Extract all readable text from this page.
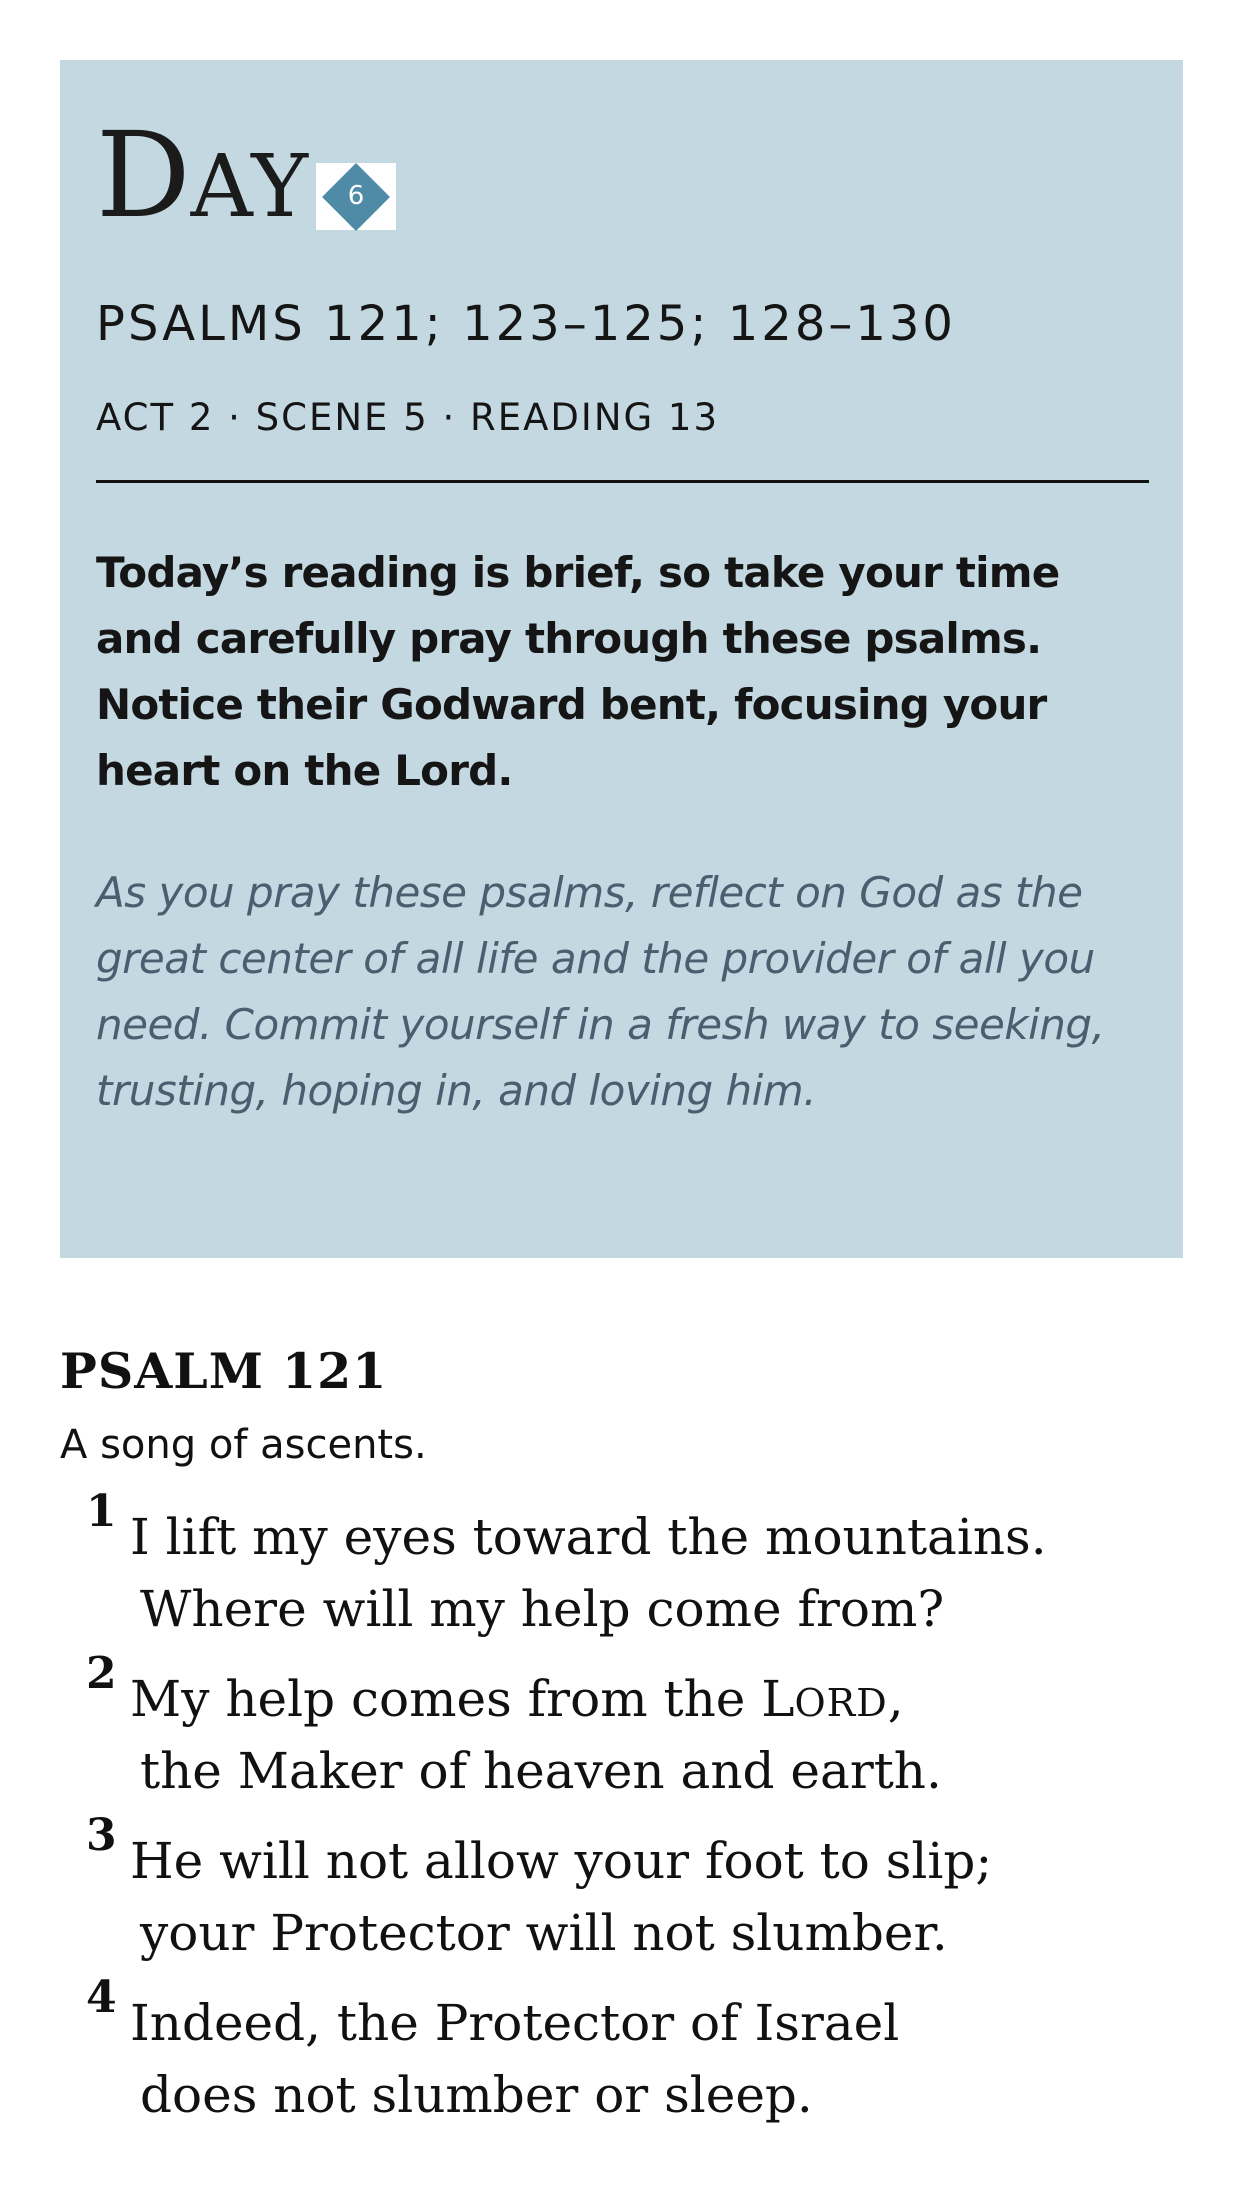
DAY	6
PSALMS 121; 123–125; 128–130
ACT 2 · SCENE 5 · READING 13
Today’s reading is brief, so take your time and carefully pray through these psalms. Notice their Godward bent, focusing your heart on the Lord.
As you pray these psalms, reflect on God as the great center of all life and the provider of all you need. Commit yourself in a fresh way to seeking, trusting, hoping in, and loving him.
PSALM 121
A song of ascents.
1 I lift my eyes toward the mountains.
Where will my help come from?
2 My help comes from the LORD,
the Maker of heaven and earth.
3 He will not allow your foot to slip;
your Protector will not slumber.
4 Indeed, the Protector of Israel
does not slumber or sleep.
